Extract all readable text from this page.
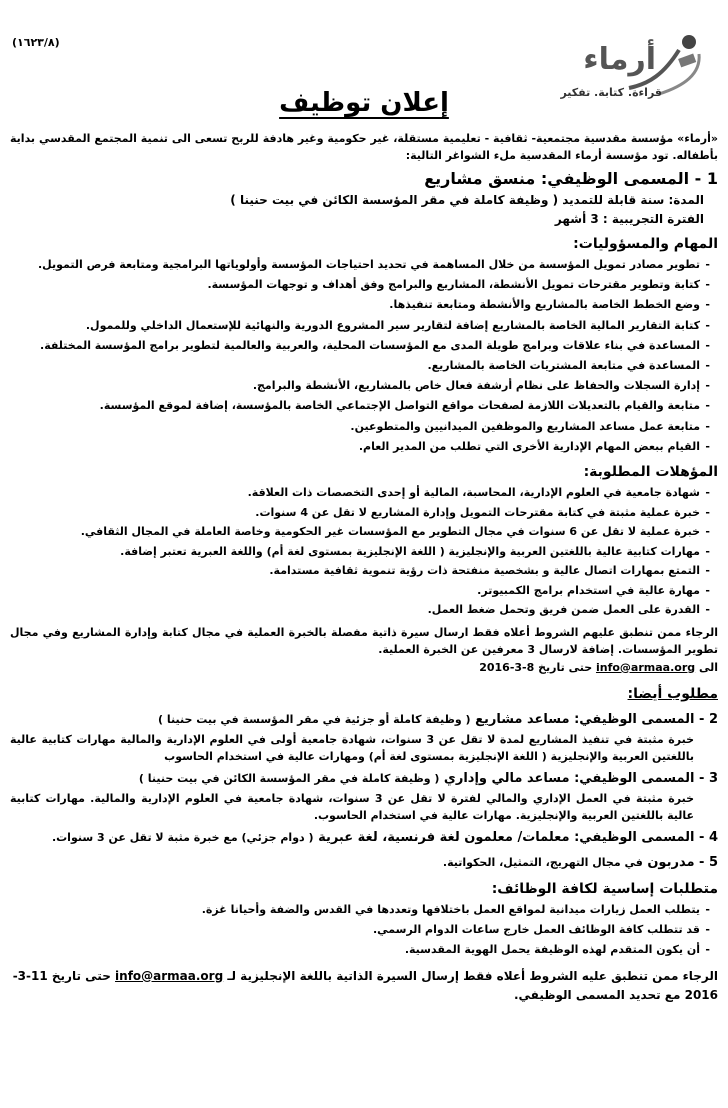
(١٦٢٣/٨)	أرماء
قراءة. كتابة. تفكير
إعلان توظيف

«أرماء» مؤسسة مقدسية مجتمعية- ثقافية - تعليمية مستقلة، غير حكومية وغير هادفة للربح تسعى الى تنمية المجتمع المقدسي بداية بأطفاله. تود مؤسسة أرماء المقدسية ملء الشواغر التالية:

1 - المسمى الوظيفي: منسق مشاريع

المدة: سنة قابلة للتمديد ( وظيفة كاملة في مقر المؤسسة الكائن في بيت حنينا )

الفترة التجريبية : 3 أشهر

المهام والمسؤوليات:

- تطوير مصادر تمويل المؤسسة من خلال المساهمة في تحديد احتياجات المؤسسة وأولوياتها البرامجية ومتابعة فرص التمويل.
- كتابة وتطوير مقترحات تمويل الأنشطة، المشاريع والبرامج وفق أهداف و توجهات المؤسسة.
- وضع الخطط الخاصة بالمشاريع والأنشطة ومتابعة تنفيذها.
- كتابة التقارير المالية الخاصة بالمشاريع إضافة لتقارير سير المشروع الدورية والنهائية للإستعمال الداخلي وللممول.
- المساعدة في بناء علاقات وبرامج طويلة المدى مع المؤسسات المحلية، والعربية والعالمية لتطوير برامج المؤسسة المختلفة.
- المساعدة في متابعة المشتريات الخاصة بالمشاريع.
- إدارة السجلات والحفاظ على نظام أرشفة فعال خاص بالمشاريع، الأنشطة والبرامج.
- متابعة والقيام بالتعديلات اللازمة لصفحات مواقع التواصل الإجتماعي الخاصة بالمؤسسة، إضافة لموقع المؤسسة.
- متابعة عمل مساعد المشاريع والموظفين الميدانيين والمتطوعين.
- القيام ببعض المهام الإدارية الأخرى التي تطلب من المدير العام.

المؤهلات المطلوبة:

- شهادة جامعية في العلوم الإدارية، المحاسبة، المالية أو إحدى التخصصات ذات العلاقة.
- خبرة عملية مثبتة في كتابة مقترحات التمويل وإدارة المشاريع لا تقل عن 4 سنوات.
- خبرة عملية لا تقل عن 6 سنوات في مجال التطوير مع المؤسسات غير الحكومية وخاصة العاملة في المجال الثقافي.
- مهارات كتابية عالية باللغتين العربية والإنجليزية ( اللغة الإنجليزية بمستوى لغة أم) واللغة العبرية تعتبر إضافة.
- التمتع بمهارات اتصال عالية و بشخصية منفتحة ذات رؤية تنموية ثقافية مستدامة.
- مهارة عالية في استخدام برامج الكمبيوتر.
- القدرة على العمل ضمن فريق وتحمل ضغط العمل.
الرجاء ممن تنطبق عليهم الشروط أعلاه فقط ارسال سيرة ذاتية مفصلة بالخبرة العملية في مجال كتابة وإدارة المشاريع وفي مجال تطوير المؤسسات. إضافة لارسال 3 معرفين عن الخبرة العملية.
الى info@armaa.org حتى تاريخ 8-3-2016

مطلوب أيضا:

2 - المسمى الوظيفي: مساعد مشاريع ( وظيفة كاملة أو جزئية في مقر المؤسسة في بيت حنينا )

خبرة مثبتة في تنفيذ المشاريع لمدة لا تقل عن 3 سنوات، شهادة جامعية أولى في العلوم الإدارية والمالية مهارات كتابية عالية باللغتين العربية والإنجليزية ( اللغة الإنجليزية بمستوى لغة أم) ومهارات عالية في استخدام الحاسوب

3 - المسمى الوظيفي: مساعد مالي وإداري ( وظيفة كاملة في مقر المؤسسة الكائن في بيت حنينا )

خبرة مثبتة في العمل الإداري والمالي لفترة لا تقل عن 3 سنوات، شهادة جامعية في العلوم الإدارية والمالية. مهارات كتابية عالية باللغتين العربية والإنجليزية. مهارات عالية في استخدام الحاسوب.

4 - المسمى الوظيفي: معلمات/ معلمون لغة فرنسية، لغة عبرية ( دوام جزئي) مع خبرة مثبة لا تقل عن 3 سنوات.

5 - مدربون في مجال التهريج، التمثيل، الحكواتية.

متطلبات إساسية لكافة الوظائف:

- يتطلب العمل زيارات ميدانية لمواقع العمل باختلافها وتعددها في القدس والضفة وأحيانا غزة.
- قد تتطلب كافة الوظائف العمل خارج ساعات الدوام الرسمي.
- أن يكون المتقدم لهذه الوظيفة يحمل الهوية المقدسية.
الرجاء ممن تنطبق عليه الشروط أعلاه فقط إرسال السيرة الذاتية باللغة الإنجليزية لـ info@armaa.org حتى تاريخ 11-3-2016 مع تحديد المسمى الوظيفي.
